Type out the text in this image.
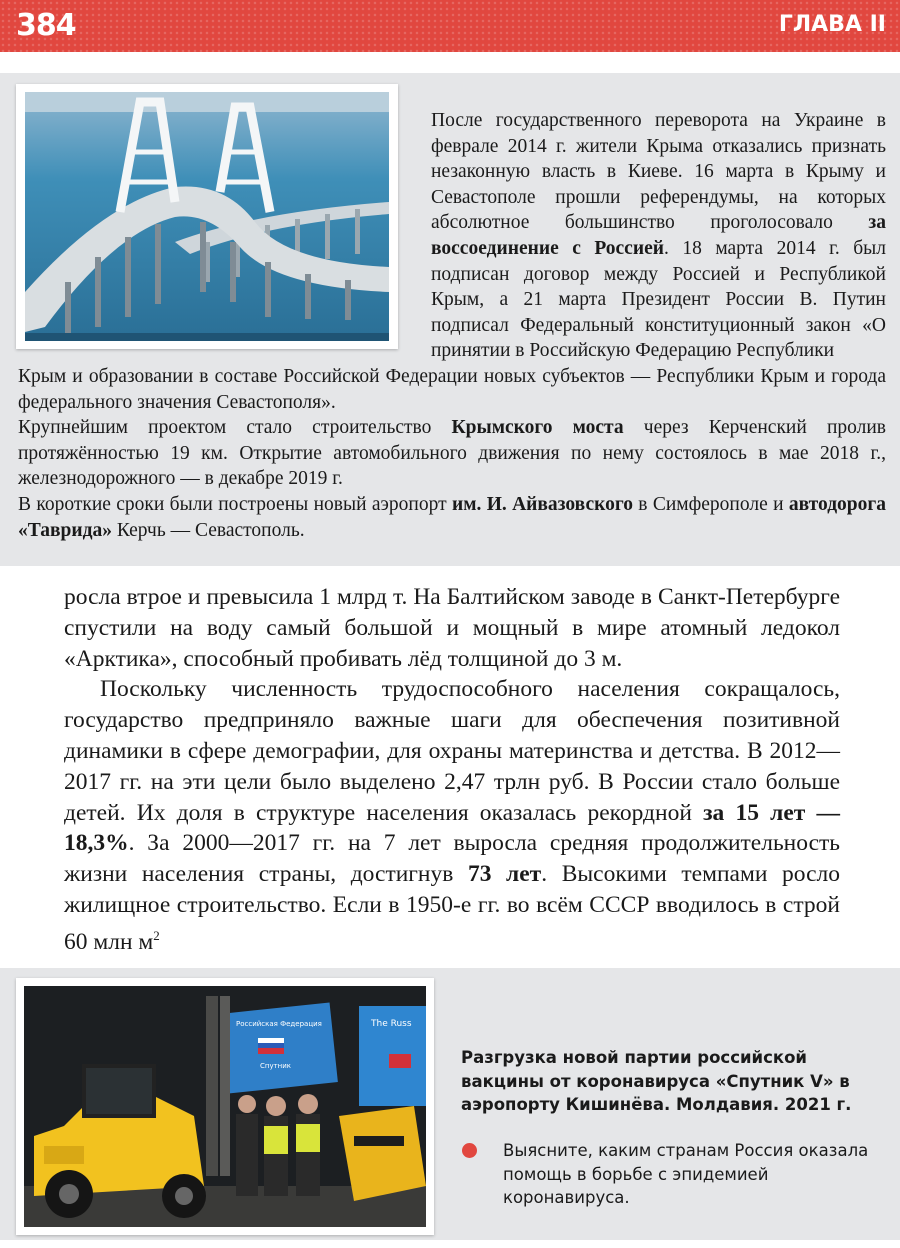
384	ГЛАВА II
После государственного переворота на Украине в феврале 2014 г. жители Крыма отказались признать незаконную власть в Киеве. 16 марта в Крыму и Севастополе прошли референдумы, на которых абсолютное большинство проголосовало за воссоединение с Россией. 18 марта 2014 г. был подписан договор между Россией и Республикой Крым, а 21 марта Президент России В. Путин подписал Федеральный конституционный закон «О принятии в Российскую Федерацию Республики

Крым и образовании в составе Российской Федерации новых субъектов — Республики Крым и города федерального значения Севастополя».

Крупнейшим проектом стало строительство Крымского моста через Керченский пролив протяжённостью 19 км. Открытие автомобильного движения по нему состоялось в мае 2018 г., железнодорожного — в декабре 2019 г.

В короткие сроки были построены новый аэропорт им. И. Айвазовского в Симферополе и автодорога «Таврида» Керчь — Севастополь.

росла втрое и превысила 1 млрд т. На Балтийском заводе в Санкт-Петербурге спустили на воду самый большой и мощный в мире атомный ледокол «Арктика», способный пробивать лёд толщиной до 3 м.

Поскольку численность трудоспособного населения сокращалось, государство предприняло важные шаги для обеспечения позитивной динамики в сфере демографии, для охраны материнства и детства. В 2012—2017 гг. на эти цели было выделено 2,47 трлн руб. В России стало больше детей. Их доля в структуре населения оказалась рекордной за 15 лет — 18,3%. За 2000—2017 гг. на 7 лет выросла средняя продолжительность жизни населения страны, достигнув 73 лет. Высокими темпами росло жилищное строительство. Если в 1950-е гг. во всём СССР вводилось в строй 60 млн $м^2$

Российская Федерация
Спутник
The Russ
Разгрузка новой партии российской вакцины от коронавируса «Спутник V» в аэропорту Кишинёва. Молдавия. 2021 г.
Выясните, каким странам Россия оказала помощь в борьбе с эпидемией коронавируса.
